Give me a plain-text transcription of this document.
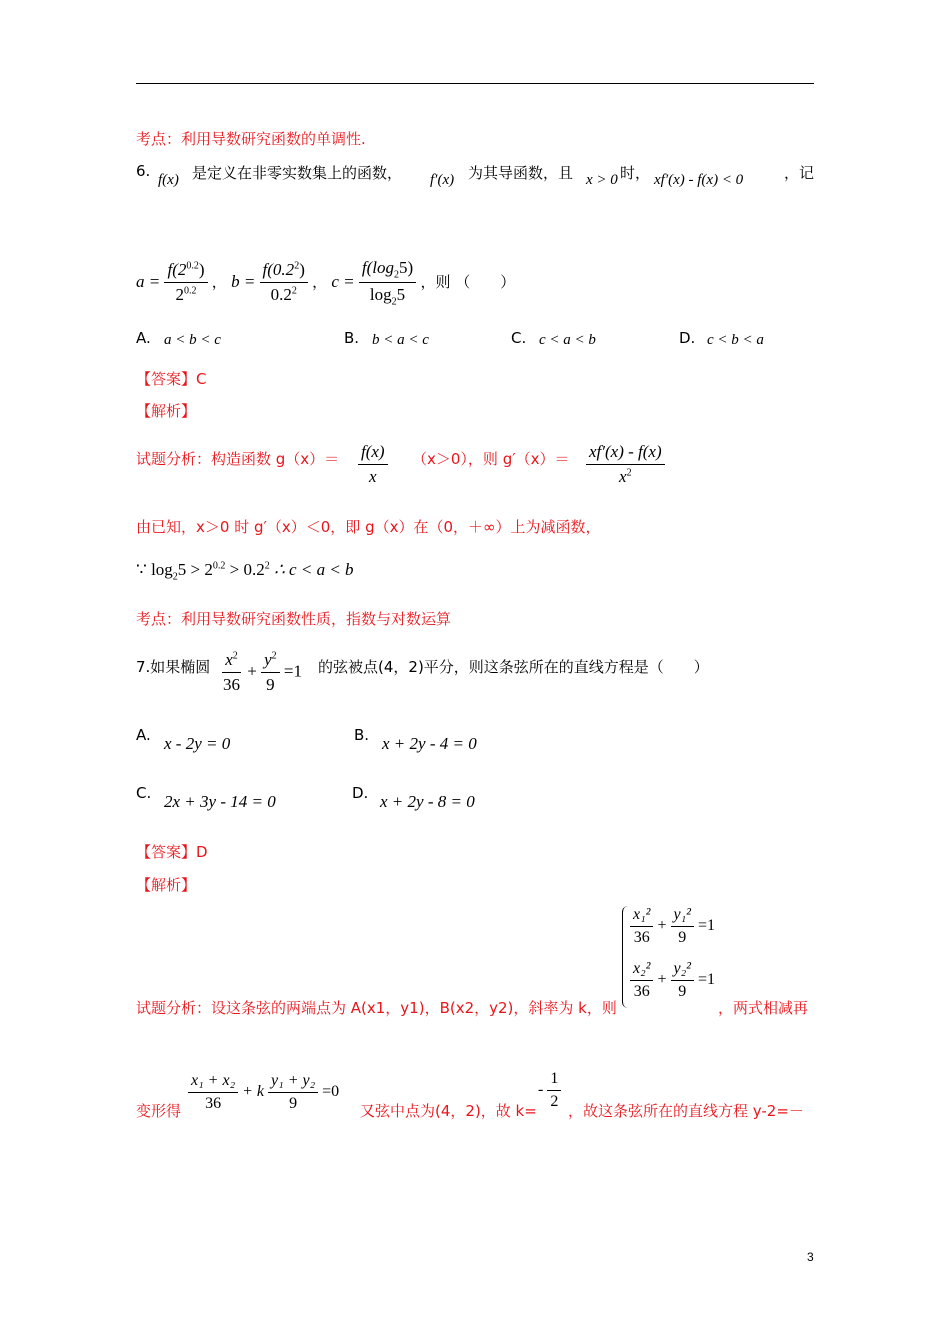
考点：利用导数研究函数的单调性.
6. f(x) 是定义在非零实数集上的函数， f′(x) 为其导函数，且 x > 0 时， xf′(x) - f(x) < 0	，记
$a = \frac{f(2^{0.2})}{2^{0.2}}$ ， $b = \frac{f(0.2^2)}{0.2^2}$ ， $c = \frac{f(\log_25)}{\log_25}$ ，则 （　　）
A. a < b < c	B. b < a < c	C. c < a < b	D. c < b < a
【答案】C
【解析】
试题分析：构造函数 $g(x)= \frac{f(x)}{x} (x>0)$，则 $g'(x)= \frac{xf'(x) - f(x)}{x^2}$
由已知，x＞0 时 g′（x）＜0，即 g（x）在（0，＋∞）上为减函数，
∵ $\log_25 > 2^{0.2} > 0.2^2$ ∴ c < a < b
考点：利用导数研究函数性质，指数与对数运算
7.如果椭圆 $\frac{x^2}{36} + \frac{y^2}{9} =1$ 的弦被点(4，2)平分，则这条弦所在的直线方程是（　　）
A. x - 2y = 0	B. x + 2y - 4 = 0
C. 2x + 3y - 14 = 0	D. x + 2y - 8 = 0
【答案】D
【解析】
$\frac{\text{x₁²}}{36} + \frac{\text{y₁²}}{9} =1$
$\frac{\text{x₂²}}{36} + \frac{\text{y₂²}}{9} =1$
试题分析：设这条弦的两端点为 A(x1，y1)，B(x2，y2)，斜率为 k，则	，两式相减再
变形得 $\frac{\text{x₁ + x₂}}{36} + k \frac{\text{y₁ + y₂}}{9} =0$
又弦中点为(4，2)，故 k=
- $\frac{1}{2}$ ，故这条弦所在的直线方程 y-2=－
3
